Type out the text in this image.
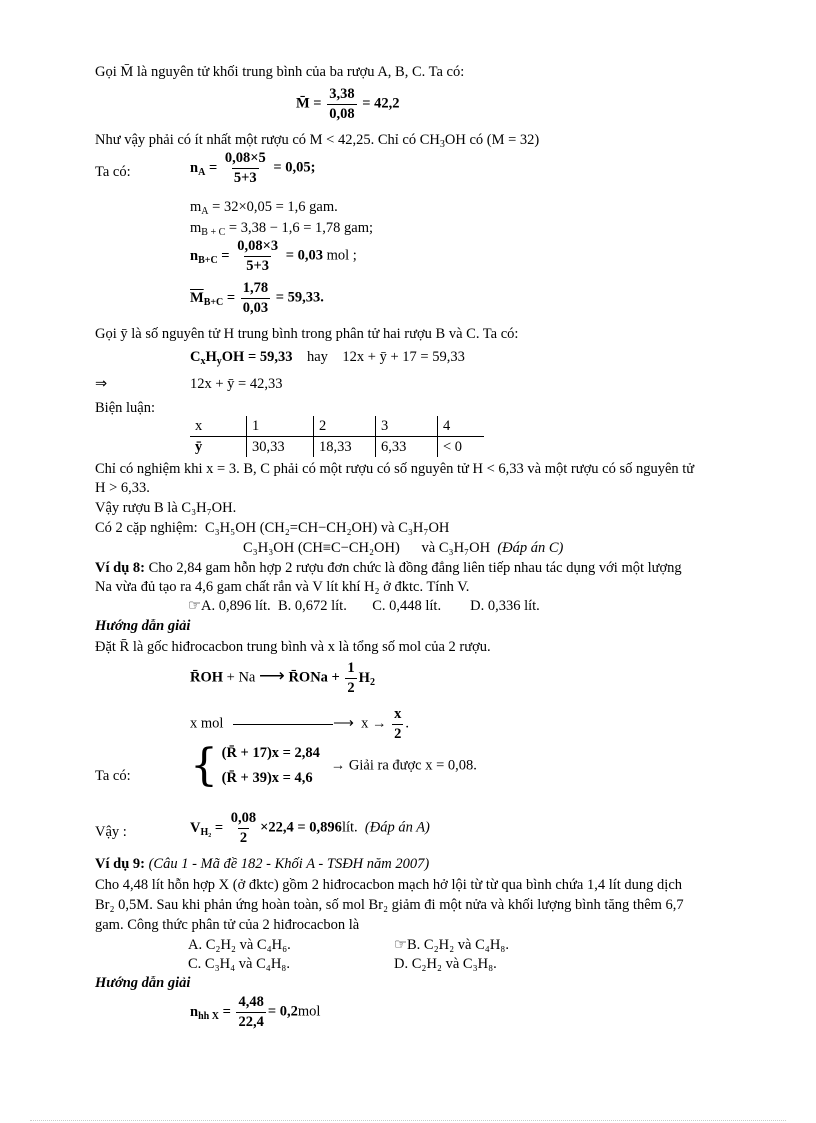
Gọi M̄ là nguyên tử khối trung bình của ba rượu A, B, C. Ta có:
M̄ = $\frac{3,38}{0,08} = 42,2$
Như vậy phải có ít nhất một rượu có M < 42,25. Chỉ có $CH_3OH$ có (M = 32)
Ta có:	$n_A = \frac{0,08\times 5}{5+3} = 0,05$;
$m_A = 32\times 0,05 = 1,6$ gam.
$m_{B + C} = 3,38 - 1,6 = 1,78$ gam;
$n_{B+C} = \frac{0,08\times 3}{5+3} = 0,03$ mol ;
$\overline{M}_{B+C} = \frac{1,78}{0,03} = 59,33$.
Gọi ȳ là số nguyên tử H trung bình trong phân tử hai rượu B và C. Ta có:
$C_xH_yOH = 59,33$ hay 12x + ȳ + 17 = 59,33
⇒	12x + ȳ = 42,33
Biện luận:
x	1	2	3	4
ȳ	30,33	18,33	6,33	< 0
Chỉ có nghiệm khi x = 3. B, C phải có một rượu có số nguyên tử H < 6,33 và một rượu có số nguyên tử
H > 6,33.
Vậy rượu B là C₃H₇OH.
Có 2 cặp nghiệm: C₃H₅OH (CH₂=CH−CH₂OH) và C₃H₇OH
C₃H₃OH (CH≡C−CH₂OH) và C₃H₇OH (Đáp án C)
Ví dụ 8: Cho 2,84 gam hỗn hợp 2 rượu đơn chức là đồng đẳng liên tiếp nhau tác dụng với một lượng
Na vừa đủ tạo ra 4,6 gam chất rắn và V lít khí H₂ ở đktc. Tính V.
☞A. 0,896 lít. B. 0,672 lít. C. 0,448 lít. D. 0,336 lít.
Hướng dẫn giải
Đặt R̄ là gốc hiđrocacbon trung bình và x là tổng số mol của 2 rượu.
R̄OH + Na ⟶ R̄ONa + $\frac{1}{2} H_2$
x mol	⟶ $x \to \frac{x}{2}$ .
Ta có: { (R̄ + 17)x = 2,84
(R̄ + 39)x = 4,6
→ Giải ra được x = 0,08.
Vậy :	$V_{H_2} = \frac{0,08}{2} \times 22,4$ = 0,896lít. (Đáp án A)
Ví dụ 9: (Câu 1 - Mã đề 182 - Khối A - TSĐH năm 2007)
Cho 4,48 lít hỗn hợp X (ở đktc) gồm 2 hiđrocacbon mạch hở lội từ từ qua bình chứa 1,4 lít dung dịch
Br₂ 0,5M. Sau khi phản ứng hoàn toàn, số mol Br₂ giảm đi một nửa và khối lượng bình tăng thêm 6,7
gam. Công thức phân tử của 2 hiđrocacbon là
A. C₂H₂ và C₄H₆.	☞B. C₂H₂ và C₄H₈.
C. C₃H₄ và C₄H₈.	D. C₂H₂ và C₃H₈.
Hướng dẫn giải
$n_{hh X} = \frac{4,48}{22,4} = 0,2mol$
